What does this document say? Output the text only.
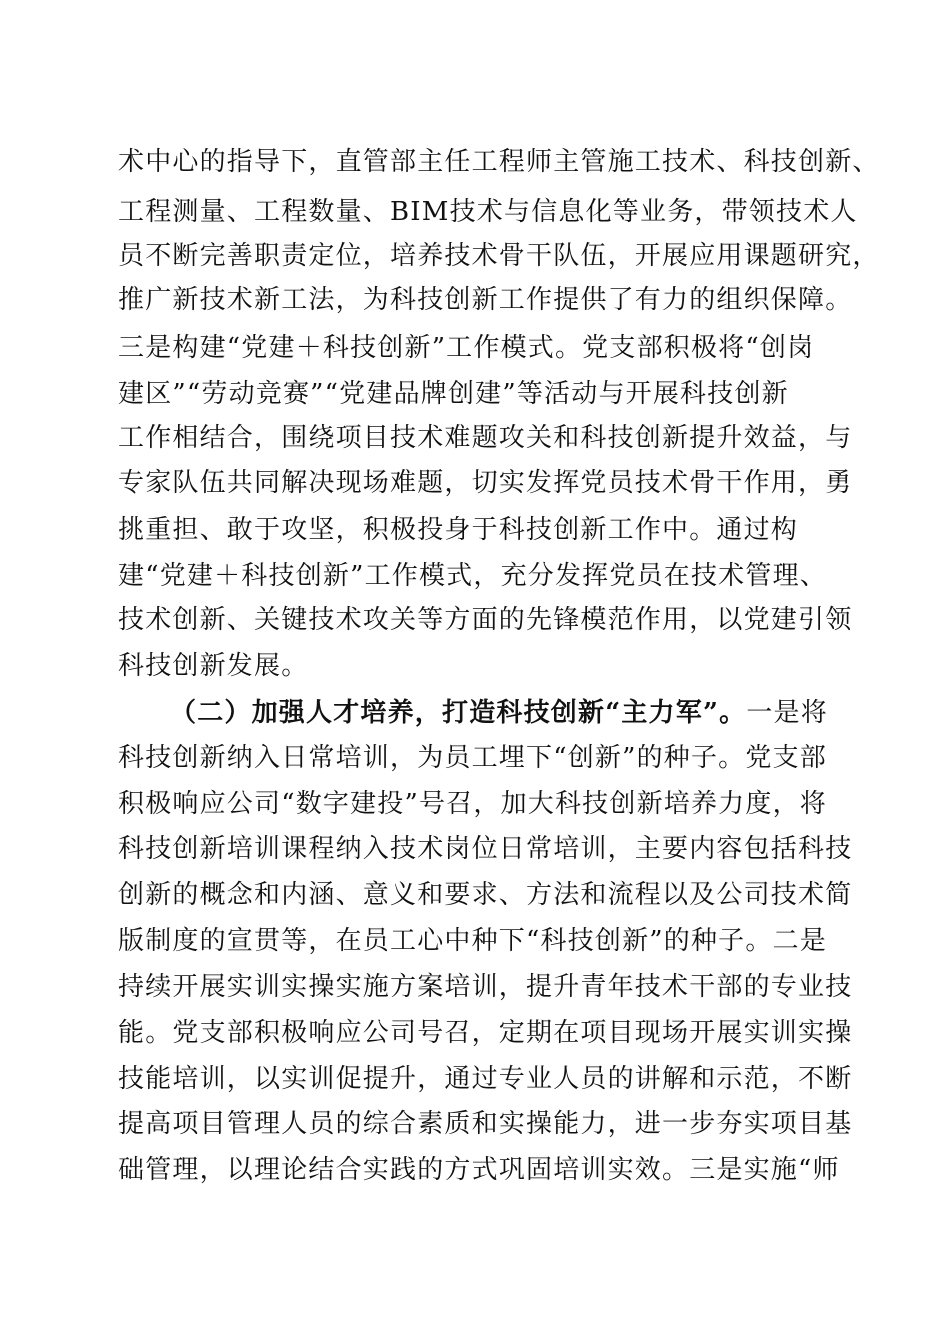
术中心的指导下，直管部主任工程师主管施工技术、科技创新、
工程测量、工程数量、BIM技术与信息化等业务，带领技术人
员不断完善职责定位，培养技术骨干队伍，开展应用课题研究，
推广新技术新工法，为科技创新工作提供了有力的组织保障。
三是构建“党建＋科技创新”工作模式。党支部积极将“创岗
建区”“劳动竞赛”“党建品牌创建”等活动与开展科技创新
工作相结合，围绕项目技术难题攻关和科技创新提升效益，与
专家队伍共同解决现场难题，切实发挥党员技术骨干作用，勇
挑重担、敢于攻坚，积极投身于科技创新工作中。通过构
建“党建＋科技创新”工作模式，充分发挥党员在技术管理、
技术创新、关键技术攻关等方面的先锋模范作用，以党建引领
科技创新发展。
（二）加强人才培养，打造科技创新“主力军”。一是将
科技创新纳入日常培训，为员工埋下“创新”的种子。党支部
积极响应公司“数字建投”号召，加大科技创新培养力度，将
科技创新培训课程纳入技术岗位日常培训，主要内容包括科技
创新的概念和内涵、意义和要求、方法和流程以及公司技术简
版制度的宣贯等，在员工心中种下“科技创新”的种子。二是
持续开展实训实操实施方案培训，提升青年技术干部的专业技
能。党支部积极响应公司号召，定期在项目现场开展实训实操
技能培训，以实训促提升，通过专业人员的讲解和示范，不断
提高项目管理人员的综合素质和实操能力，进一步夯实项目基
础管理，以理论结合实践的方式巩固培训实效。三是实施“师
